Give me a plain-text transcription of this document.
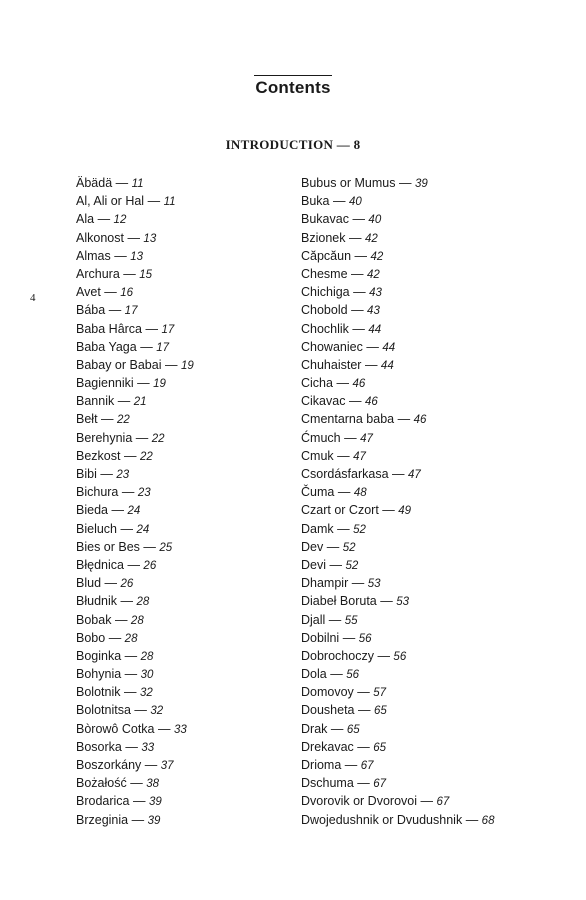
Contents
INTRODUCTION — 8
4
Äbädä — 11
Al, Ali or Hal — 11
Ala — 12
Alkonost — 13
Almas — 13
Archura — 15
Avet — 16
Bába — 17
Baba Hârca — 17
Baba Yaga — 17
Babay or Babai — 19
Bagienniki — 19
Bannik — 21
Bełt — 22
Berehynia — 22
Bezkost — 22
Bibi — 23
Bichura — 23
Bieda — 24
Bieluch — 24
Bies or Bes — 25
Błędnica — 26
Blud — 26
Błudnik — 28
Bobak — 28
Bobo — 28
Boginka — 28
Bohynia — 30
Bolotnik — 32
Bolotnitsa — 32
Bòrowô Cotka — 33
Bosorka — 33
Boszorkány — 37
Bożałość — 38
Brodarica — 39
Brzeginia — 39
Bubus or Mumus — 39
Buka — 40
Bukavac — 40
Bzionek — 42
Căpcăun — 42
Chesme — 42
Chichiga — 43
Chobold — 43
Chochlik — 44
Chowaniec — 44
Chuhaister — 44
Cicha — 46
Cikavac — 46
Cmentarna baba — 46
Ćmuch — 47
Cmuk — 47
Csordásfarkasa — 47
Čuma — 48
Czart or Czort — 49
Damk — 52
Dev — 52
Devi — 52
Dhampir — 53
Diabeł Boruta — 53
Djall — 55
Dobilni — 56
Dobrochoczy — 56
Dola — 56
Domovoy — 57
Dousheta — 65
Drak — 65
Drekavac — 65
Drioma — 67
Dschuma — 67
Dvorovik or Dvorovoi — 67
Dwojedushnik or Dvudushnik — 68
